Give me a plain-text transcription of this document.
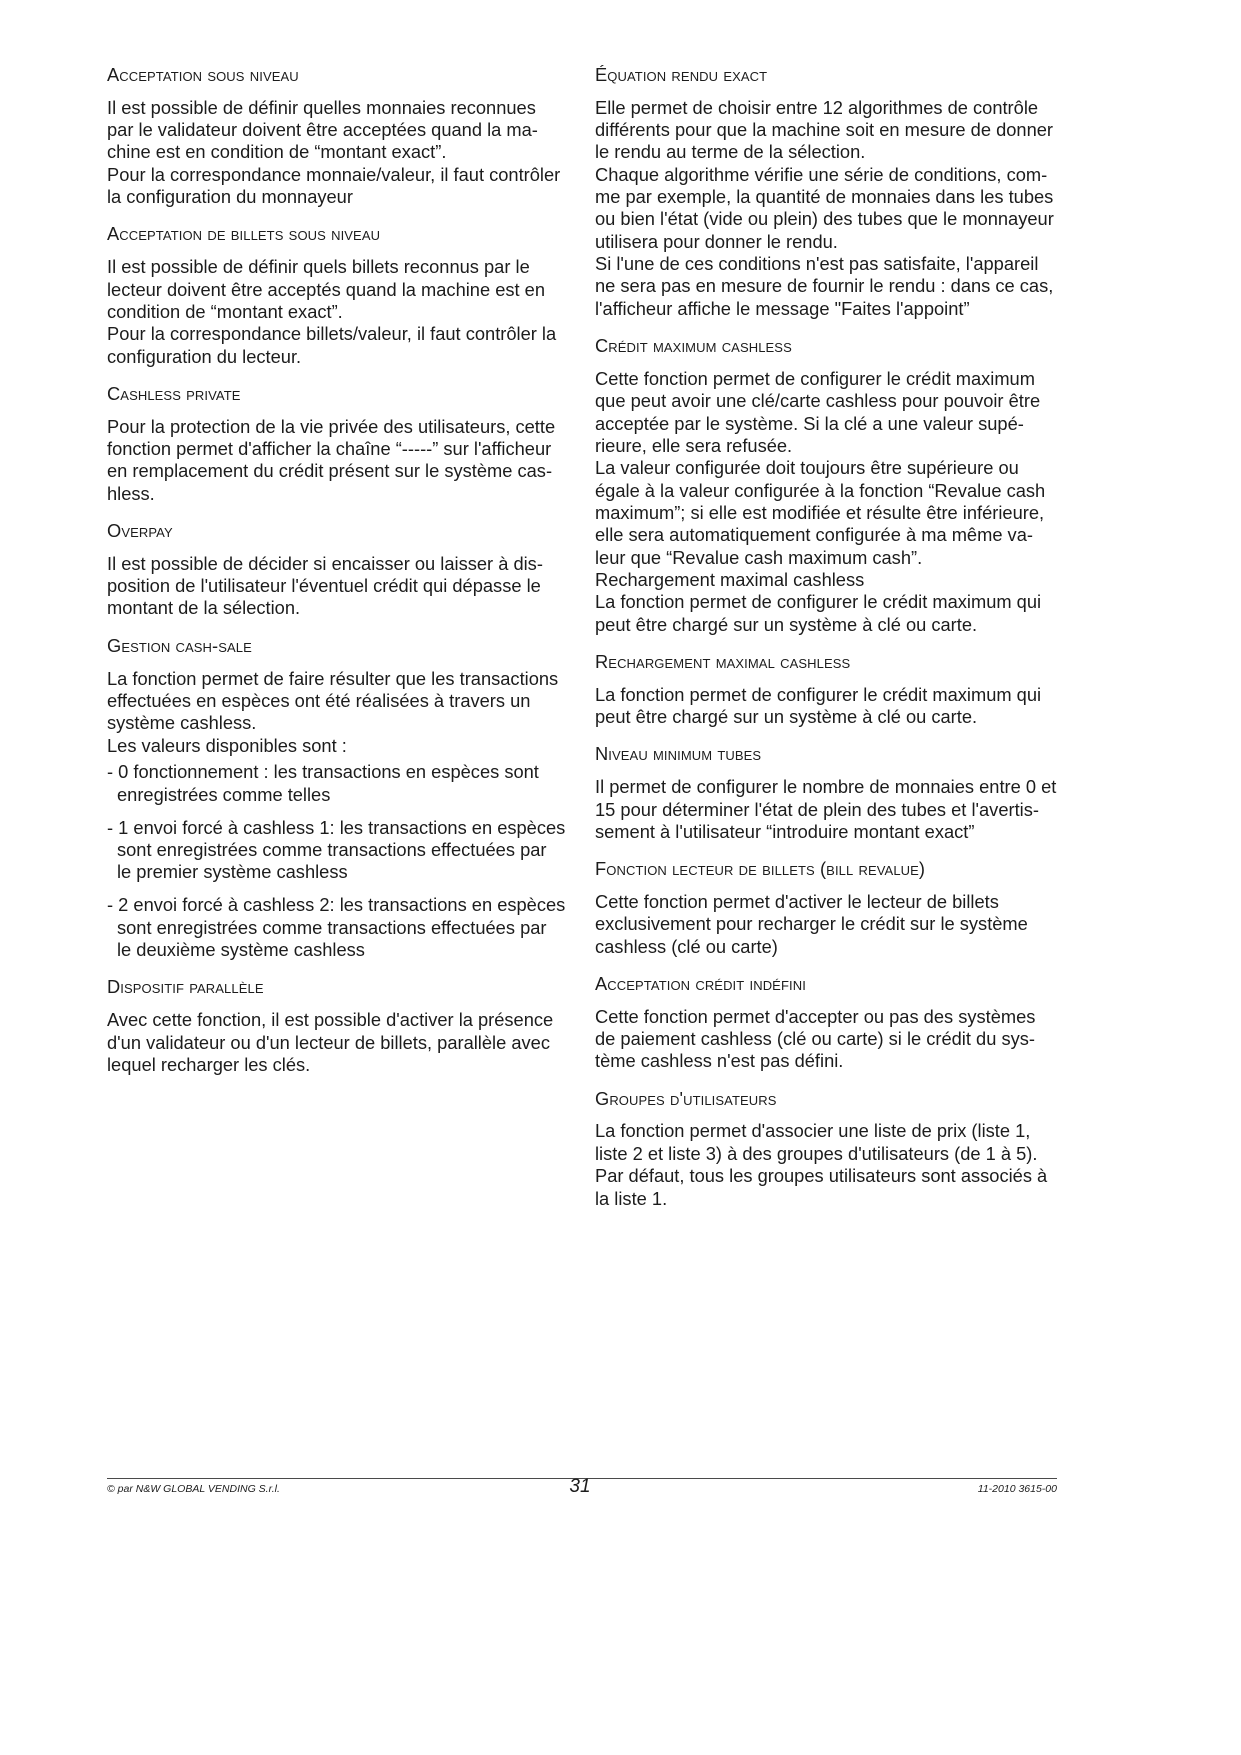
Acceptation sous niveau
Il est possible de définir quelles monnaies reconnues
par le validateur doivent être acceptées quand la ma-
chine est en condition de “montant exact”.
Pour la correspondance monnaie/valeur, il faut contrôler
la configuration du monnayeur
Acceptation de billets sous niveau
Il est possible de définir quels billets reconnus par le
lecteur doivent être acceptés quand la machine est en
condition de “montant exact”.
Pour la correspondance billets/valeur, il faut contrôler la
configuration du lecteur.
Cashless private
Pour la protection de la vie privée des utilisateurs, cette
fonction permet d'afficher la chaîne “-----” sur l'afficheur
en remplacement du crédit présent sur le système cas-
hless.
Overpay
Il est possible de décider si encaisser ou laisser à dis-
position de l'utilisateur l'éventuel crédit qui dépasse le
montant de la sélection.
Gestion cash-sale
La fonction permet de faire résulter que les transactions
effectuées en espèces ont été réalisées à travers un
système cashless.
Les valeurs disponibles sont :
- 0 fonctionnement : les transactions en espèces sont
enregistrées comme telles
- 1 envoi forcé à cashless 1: les transactions en espèces
sont enregistrées comme transactions effectuées par
le premier système cashless
- 2 envoi forcé à cashless 2: les transactions en espèces
sont enregistrées comme transactions effectuées par
le deuxième système cashless
Dispositif parallèle
Avec cette fonction, il est possible d'activer la présence
d'un validateur ou d'un lecteur de billets, parallèle avec
lequel recharger les clés.
Équation rendu exact
Elle permet de choisir entre 12 algorithmes de contrôle
différents pour que la machine soit en mesure de donner
le rendu au terme de la sélection.
Chaque algorithme vérifie une série de conditions, com-
me par exemple, la quantité de monnaies dans les tubes
ou bien l'état (vide ou plein) des tubes que le monnayeur
utilisera pour donner le rendu.
Si l'une de ces conditions n'est pas satisfaite, l'appareil
ne sera pas en mesure de fournir le rendu : dans ce cas,
l'afficheur affiche le message "Faites l'appoint”
Crédit maximum cashless
Cette fonction permet de configurer le crédit maximum
que peut avoir une clé/carte cashless pour pouvoir être
acceptée par le système. Si la clé a une valeur supé-
rieure, elle sera refusée.
La valeur configurée doit toujours être supérieure ou
égale à la valeur configurée à la fonction “Revalue cash
maximum”; si elle est modifiée et résulte être inférieure,
elle sera automatiquement configurée à ma même va-
leur que “Revalue cash maximum cash”.
Rechargement maximal cashless
La fonction permet de configurer le crédit maximum qui
peut être chargé sur un système à clé ou carte.
Rechargement maximal cashless
La fonction permet de configurer le crédit maximum qui
peut être chargé sur un système à clé ou carte.
Niveau minimum tubes
Il permet de configurer le nombre de monnaies entre 0 et
15 pour déterminer l'état de plein des tubes et l'avertis-
sement à l'utilisateur “introduire montant exact”
Fonction lecteur de billets (bill revalue)
Cette fonction permet d'activer le lecteur de billets
exclusivement pour recharger le crédit sur le système
cashless (clé ou carte)
Acceptation crédit indéfini
Cette fonction permet d'accepter ou pas des systèmes
de paiement cashless (clé ou carte) si le crédit du sys-
tème cashless n'est pas défini.
Groupes d'utilisateurs
La fonction permet d'associer une liste de prix (liste 1,
liste 2 et liste 3) à des groupes d'utilisateurs (de 1 à 5).
Par défaut, tous les groupes utilisateurs sont associés à
la liste 1.
© par N&W GLOBAL VENDING S.r.l.	31	11-2010 3615-00
